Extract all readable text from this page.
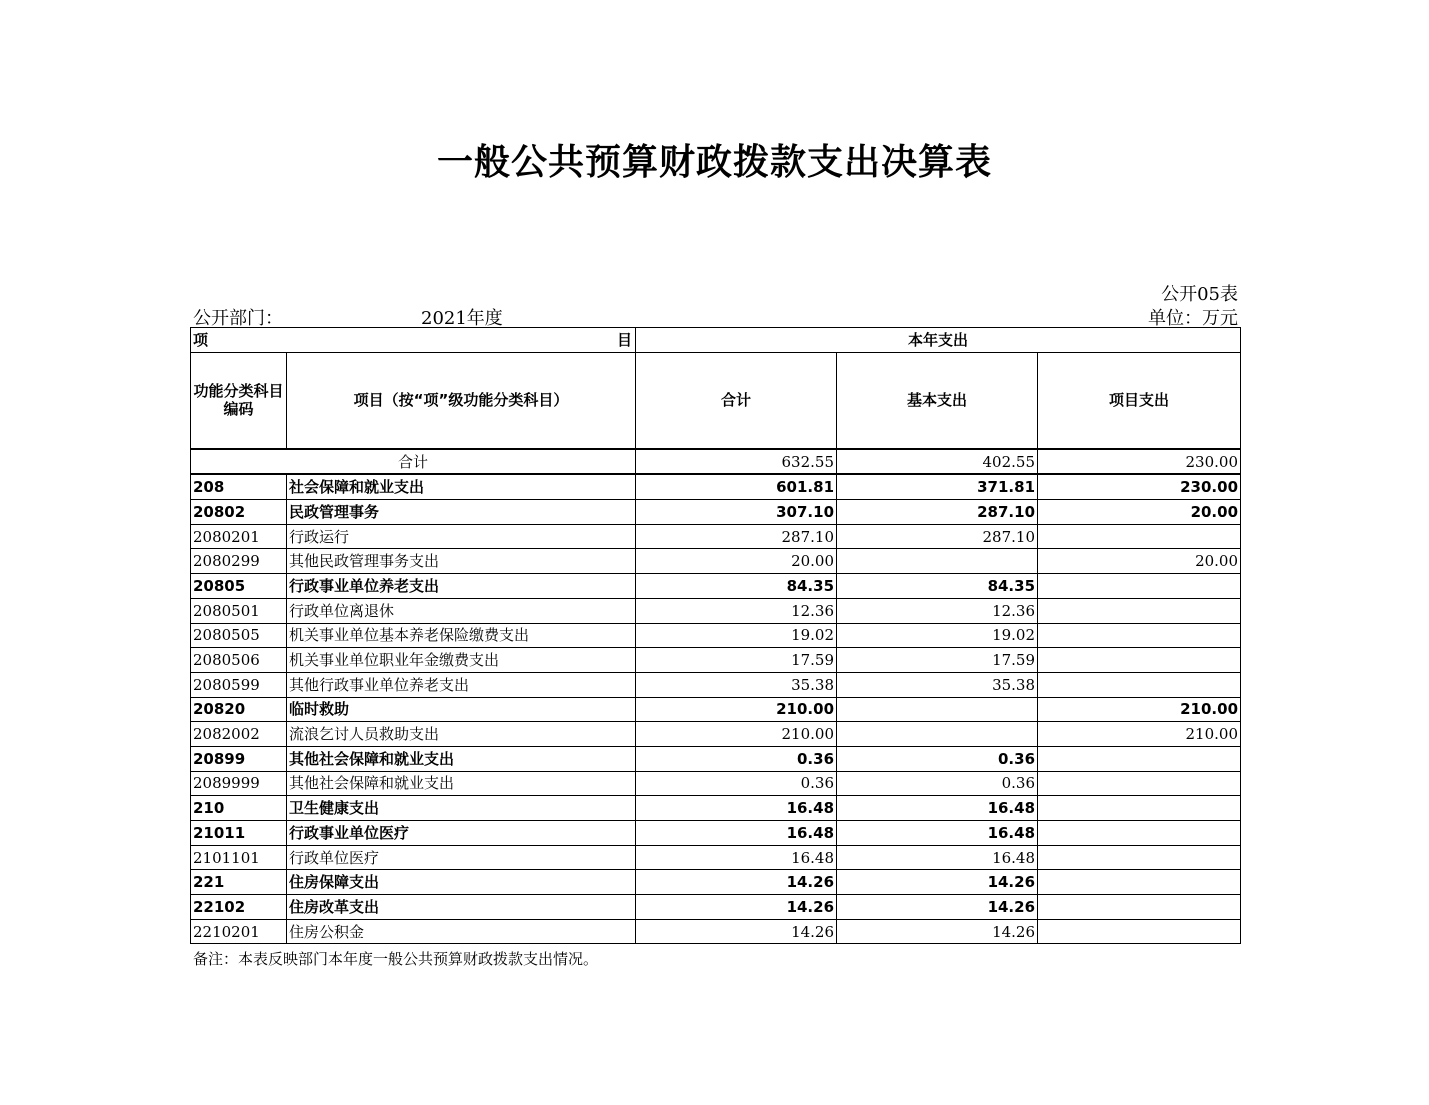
一般公共预算财政拨款支出决算表
公开05表
公开部门：	2021年度	单位：万元
项 目		本年支出		
功能分类科目编码	项目（按“项”级功能分类科目）	合计	基本支出	项目支出
合计		632.55	402.55	230.00
208	社会保障和就业支出	601.81	371.81	230.00
20802	民政管理事务	307.10	287.10	20.00
2080201	行政运行	287.10	287.10	
2080299	其他民政管理事务支出	20.00		20.00
20805	行政事业单位养老支出	84.35	84.35	
2080501	行政单位离退休	12.36	12.36	
2080505	机关事业单位基本养老保险缴费支出	19.02	19.02	
2080506	机关事业单位职业年金缴费支出	17.59	17.59	
2080599	其他行政事业单位养老支出	35.38	35.38	
20820	临时救助	210.00		210.00
2082002	流浪乞讨人员救助支出	210.00		210.00
20899	其他社会保障和就业支出	0.36	0.36	
2089999	其他社会保障和就业支出	0.36	0.36	
210	卫生健康支出	16.48	16.48	
21011	行政事业单位医疗	16.48	16.48	
2101101	行政单位医疗	16.48	16.48	
221	住房保障支出	14.26	14.26	
22102	住房改革支出	14.26	14.26	
2210201	住房公积金	14.26	14.26	
备注：本表反映部门本年度一般公共预算财政拨款支出情况。
